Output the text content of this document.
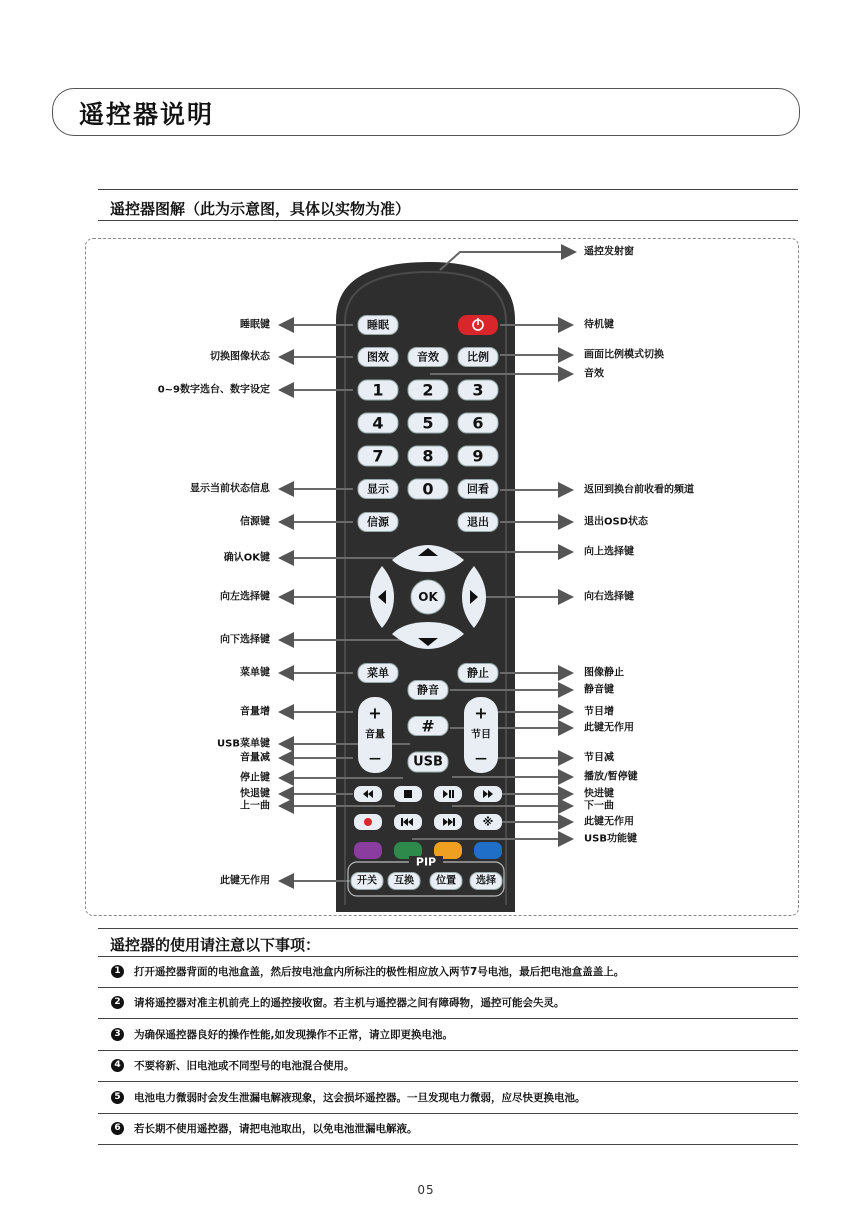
遥控器说明
遥控器图解（此为示意图，具体以实物为准）
睡眠键
切换图像状态
0~9数字选台、数字设定
显示当前状态信息
信源键
确认OK键
向左选择键
向下选择键
菜单键
音量增
USB菜单键
音量减
停止键
快退键
上一曲
此键无作用
遥控发射窗
待机键
画面比例模式切换
音效
返回到换台前收看的频道
退出OSD状态
向上选择键
向右选择键
图像静止
静音键
节目增
此键无作用
节目减
播放/暂停键
快进键
下一曲
此键无作用
USB功能键
睡眠
图效	音效	比例
1 2 3
4 5 6
7 8 9
显示 0	回看
信源	退出
OK
菜单	静止
静音
+
音量
—
+
节目
—
#
USB
※
PIP
开关 互换 位置 选择
遥控器的使用请注意以下事项：
1	打开遥控器背面的电池盒盖，然后按电池盒内所标注的极性相应放入两节7号电池，最后把电池盒盖盖上。
2	请将遥控器对准主机前壳上的遥控接收窗。若主机与遥控器之间有障碍物，遥控可能会失灵。
3	为确保遥控器良好的操作性能,如发现操作不正常，请立即更换电池。
4	不要将新、旧电池或不同型号的电池混合使用。
5	电池电力微弱时会发生泄漏电解液现象，这会损坏遥控器。一旦发现电力微弱，应尽快更换电池。
6	若长期不使用遥控器，请把电池取出，以免电池泄漏电解液。
05
